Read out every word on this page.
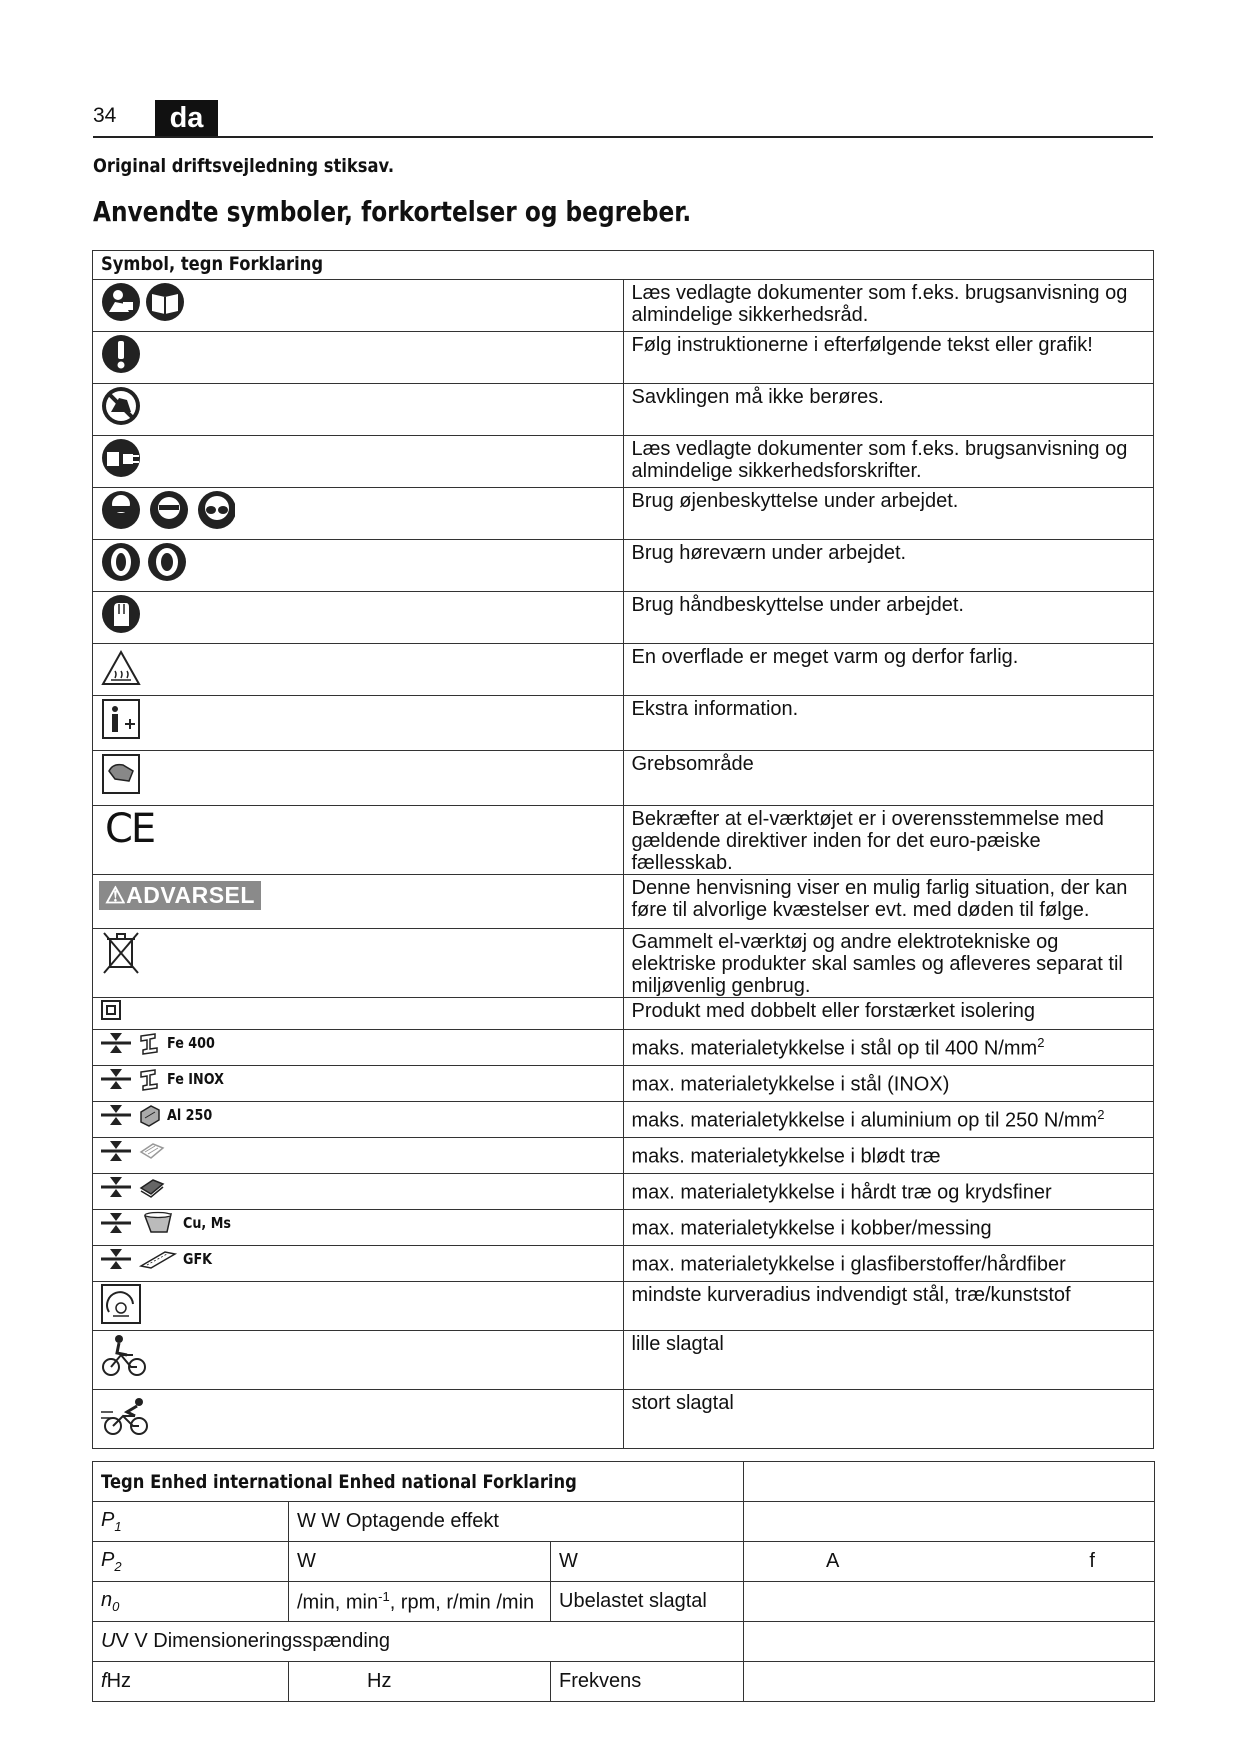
34	da
Original driftsvejledning stiksav.
Anvendte symboler, forkortelser og begreber.
Symbol, tegn Forklaring	

	Læs vedlagte dokumenter som f.eks. brugsanvisning og almindelige sikkerhedsråd.

	Følg instruktionerne i efterfølgende tekst eller grafik!

	Savklingen må ikke berøres.

	Læs vedlagte dokumenter som f.eks. brugsanvisning og almindelige sikkerhedsforskrifter.

	Brug øjenbeskyttelse under arbejdet.

	Brug høreværn under arbejdet.

	Brug håndbeskyttelse under arbejdet.

	En overflade er meget varm og derfor farlig.

	Ekstra information.

	Grebsområde

CE	Bekræfter at el-værktøjet er i overensstemmelse med gældende direktiver inden for det euro-pæiske fællesskab.
⚠ADVARSEL	Denne henvisning viser en mulig farlig situation, der kan føre til alvorlige kvæstelser evt. med døden til følge.

	Gammelt el-værktøj og andre elektrotekniske og elektriske produkter skal samles og afleveres separat til miljøvenlig genbrug.

	Produkt med dobbelt eller forstærket isolering

Fe 400	maks. materialetykkelse i stål op til 400 $N/mm^2$

Fe INOX	max. materialetykkelse i stål (INOX)

Al 250	maks. materialetykkelse i aluminium op til 250 $N/mm^2$

	maks. materialetykkelse i blødt træ

	max. materialetykkelse i hårdt træ og krydsfiner

Cu, Ms	max. materialetykkelse i kobber/messing

GFK	max. materialetykkelse i glasfiberstoffer/hårdfiber

	mindste kurveradius indvendigt stål, træ/kunststof

	lille slagtal

	stort slagtal
Tegn Enhed international Enhed national Forklaring			
$P_1$	W W Optagende effekt		
$P_2$	W	W	A f
$n_0$	/min, $\min^{-1}$, rpm, r/min /min	Ubelastet slagtal	
UV V Dimensioneringsspænding			
fHz	Hz	Frekvens	
